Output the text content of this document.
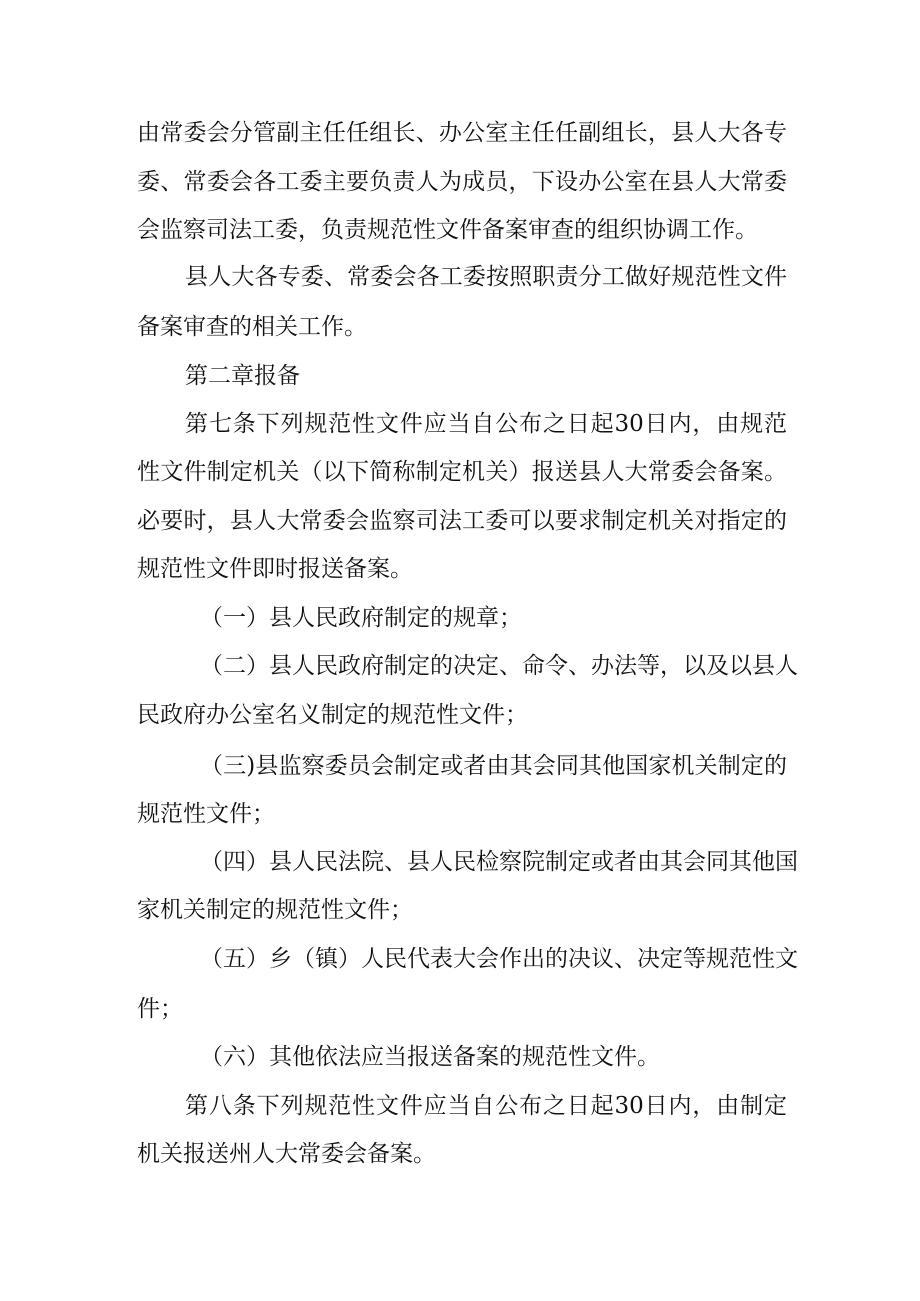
由常委会分管副主任任组长、办公室主任任副组长，县人大各专

委、常委会各工委主要负责人为成员，下设办公室在县人大常委

会监察司法工委，负责规范性文件备案审查的组织协调工作。

县人大各专委、常委会各工委按照职责分工做好规范性文件

备案审查的相关工作。

第二章报备

第七条下列规范性文件应当自公布之日起30日内，由规范

性文件制定机关（以下简称制定机关）报送县人大常委会备案。

必要时，县人大常委会监察司法工委可以要求制定机关对指定的

规范性文件即时报送备案。

（一）县人民政府制定的规章；

（二）县人民政府制定的决定、命令、办法等，以及以县人

民政府办公室名义制定的规范性文件；

（三)县监察委员会制定或者由其会同其他国家机关制定的

规范性文件；

（四）县人民法院、县人民检察院制定或者由其会同其他国

家机关制定的规范性文件；

（五）乡（镇）人民代表大会作出的决议、决定等规范性文

件；

（六）其他依法应当报送备案的规范性文件。

第八条下列规范性文件应当自公布之日起30日内，由制定

机关报送州人大常委会备案。
